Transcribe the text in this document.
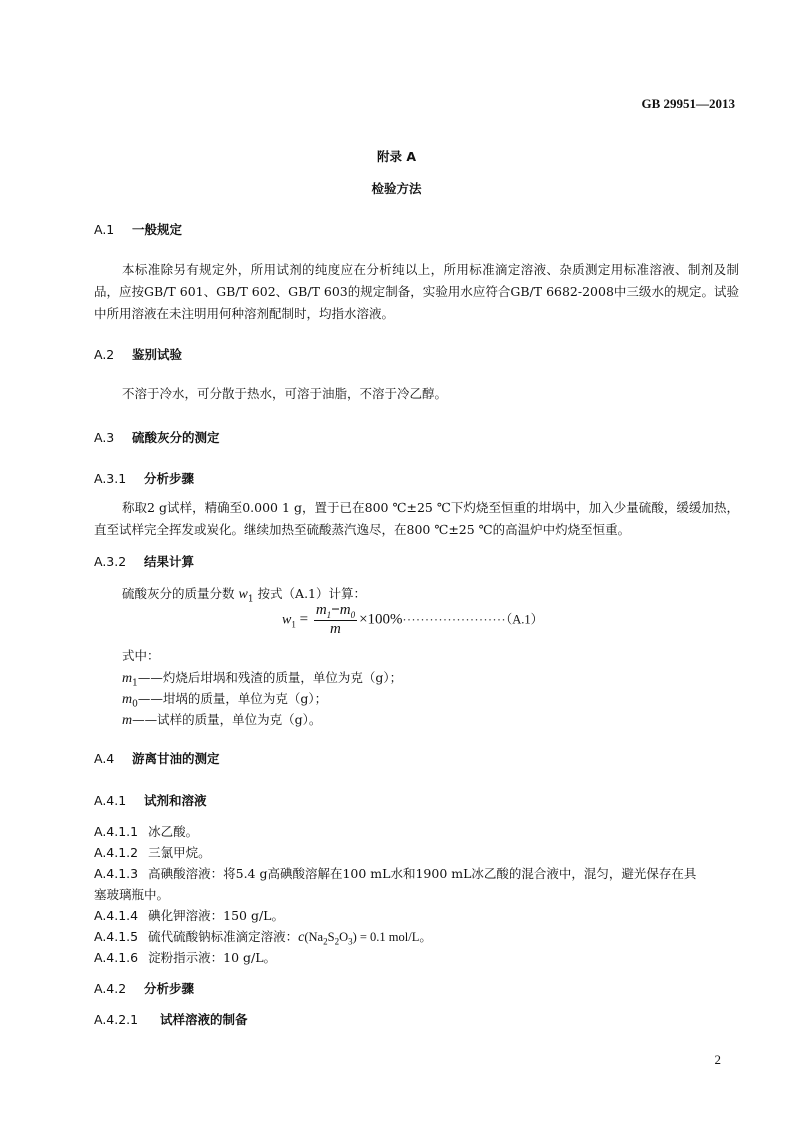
GB 29951—2013
附录 A
检验方法
A.1 一般规定
本标准除另有规定外，所用试剂的纯度应在分析纯以上，所用标准滴定溶液、杂质测定用标准溶液、制剂及制品，应按GB/T 601、GB/T 602、GB/T 603的规定制备，实验用水应符合GB/T 6682-2008中三级水的规定。试验中所用溶液在未注明用何种溶剂配制时，均指水溶液。
A.2 鉴别试验
不溶于冷水，可分散于热水，可溶于油脂，不溶于冷乙醇。
A.3 硫酸灰分的测定
A.3.1 分析步骤
称取2 g试样，精确至0.000 1 g，置于已在800 ℃±25 ℃下灼烧至恒重的坩埚中，加入少量硫酸，缓缓加热，直至试样完全挥发或炭化。继续加热至硫酸蒸汽逸尽，在800 ℃±25 ℃的高温炉中灼烧至恒重。
A.3.2 结果计算
硫酸灰分的质量分数 $w_1$ 按式（A.1）计算：
$w_1 = \frac{m_1-m_0}{m} \times 100\%\cdot\cdot\cdot\cdot\cdot\cdot\cdot\cdot\cdot\cdot\cdot\cdot\cdot\cdot\cdot\cdot\cdot\cdot\cdot\cdot\cdot\cdot\cdot(A.1)$
式中：
$m_1——$灼烧后坩埚和残渣的质量，单位为克（g）；
$m_0——$坩埚的质量，单位为克（g）；
m——试样的质量，单位为克（g）。
A.4 游离甘油的测定
A.4.1 试剂和溶液
A.4.1.1 冰乙酸。
A.4.1.2 三氯甲烷。
A.4.1.3 高碘酸溶液：将5.4 g高碘酸溶解在100 mL水和1900 mL冰乙酸的混合液中，混匀，避光保存在具
塞玻璃瓶中。
A.4.1.4 碘化钾溶液：150 g/L。
A.4.1.5 硫代硫酸钠标准滴定溶液：$c(Na_2S_2O_3) = 0.1$ mol/L。
A.4.1.6 淀粉指示液：10 g/L。
A.4.2 分析步骤
A.4.2.1 试样溶液的制备
2
